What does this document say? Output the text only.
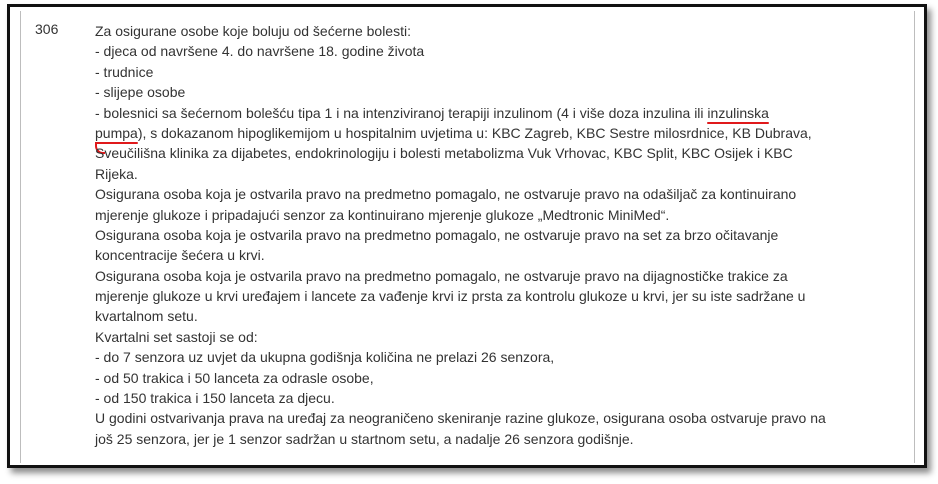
306	Za osigurane osobe koje boluju od šećerne bolesti:
- djeca od navršene 4. do navršene 18. godine života
- trudnice
- slijepe osobe
- bolesnici sa šećernom bolešću tipa 1 i na intenziviranoj terapiji inzulinom (4 i više doza inzulina ili inzulinska
pumpa), s dokazanom hipoglikemijom u hospitalnim uvjetima u: KBC Zagreb, KBC Sestre milosrdnice, KB Dubrava,
Sveučilišna klinika za dijabetes, endokrinologiju i bolesti metabolizma Vuk Vrhovac, KBC Split, KBC Osijek i KBC
Rijeka.
Osigurana osoba koja je ostvarila pravo na predmetno pomagalo, ne ostvaruje pravo na odašiljač za kontinuirano
mjerenje glukoze i pripadajući senzor za kontinuirano mjerenje glukoze „Medtronic MiniMed“.
Osigurana osoba koja je ostvarila pravo na predmetno pomagalo, ne ostvaruje pravo na set za brzo očitavanje
koncentracije šećera u krvi.
Osigurana osoba koja je ostvarila pravo na predmetno pomagalo, ne ostvaruje pravo na dijagnostičke trakice za
mjerenje glukoze u krvi uređajem i lancete za vađenje krvi iz prsta za kontrolu glukoze u krvi, jer su iste sadržane u
kvartalnom setu.
Kvartalni set sastoji se od:
- do 7 senzora uz uvjet da ukupna godišnja količina ne prelazi 26 senzora,
- od 50 trakica i 50 lanceta za odrasle osobe,
- od 150 trakica i 150 lanceta za djecu.
U godini ostvarivanja prava na uređaj za neograničeno skeniranje razine glukoze, osigurana osoba ostvaruje pravo na
još 25 senzora, jer je 1 senzor sadržan u startnom setu, a nadalje 26 senzora godišnje.
